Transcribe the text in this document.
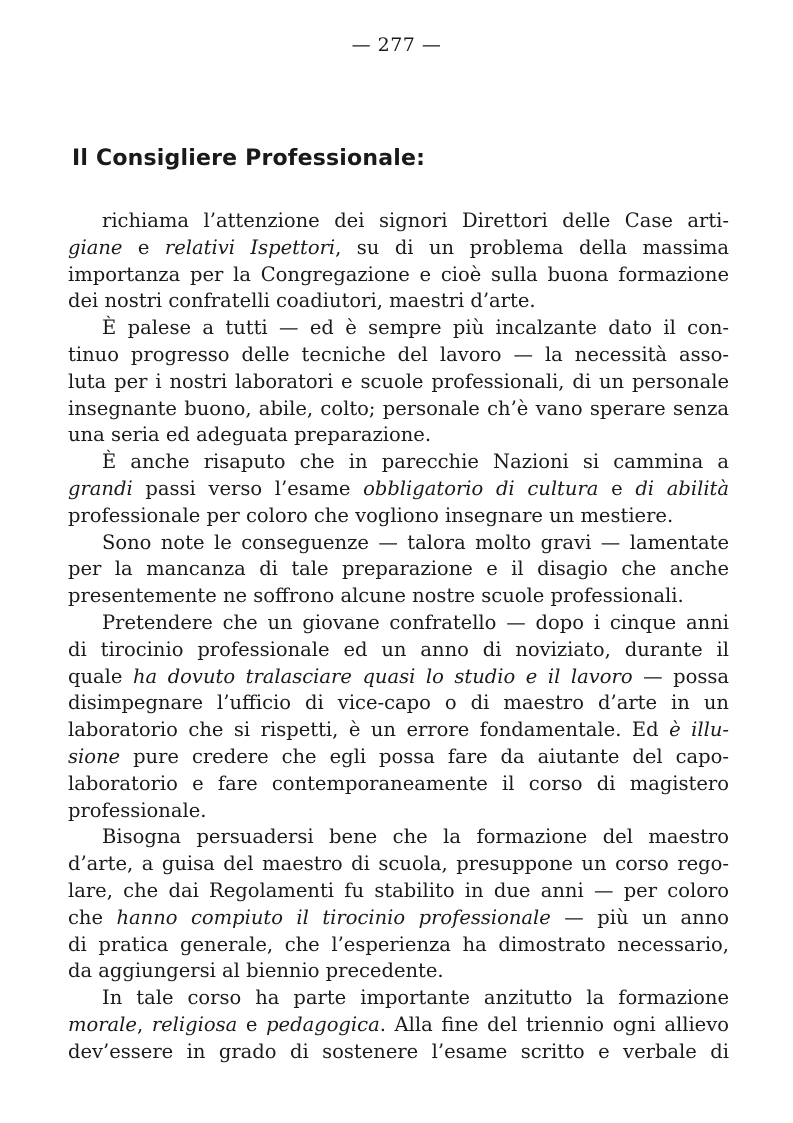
— 277 —
Il Consigliere Professionale:
richiama l’attenzione dei signori Direttori delle Case arti-
giane e relativi Ispettori, su di un problema della massima
importanza per la Congregazione e cioè sulla buona formazione
dei nostri confratelli coadiutori, maestri d’arte.
È palese a tutti — ed è sempre più incalzante dato il con-
tinuo progresso delle tecniche del lavoro — la necessità asso-
luta per i nostri laboratori e scuole professionali, di un personale
insegnante buono, abile, colto; personale ch’è vano sperare senza
una seria ed adeguata preparazione.
È anche risaputo che in parecchie Nazioni si cammina a
grandi passi verso l’esame obbligatorio di cultura e di abilità
professionale per coloro che vogliono insegnare un mestiere.
Sono note le conseguenze — talora molto gravi — lamentate
per la mancanza di tale preparazione e il disagio che anche
presentemente ne soffrono alcune nostre scuole professionali.
Pretendere che un giovane confratello — dopo i cinque anni
di tirocinio professionale ed un anno di noviziato, durante il
quale ha dovuto tralasciare quasi lo studio e il lavoro — possa
disimpegnare l’ufficio di vice-capo o di maestro d’arte in un
laboratorio che si rispetti, è un errore fondamentale. Ed è illu-
sione pure credere che egli possa fare da aiutante del capo-
laboratorio e fare contemporaneamente il corso di magistero
professionale.
Bisogna persuadersi bene che la formazione del maestro
d’arte, a guisa del maestro di scuola, presuppone un corso rego-
lare, che dai Regolamenti fu stabilito in due anni — per coloro
che hanno compiuto il tirocinio professionale — più un anno
di pratica generale, che l’esperienza ha dimostrato necessario,
da aggiungersi al biennio precedente.
In tale corso ha parte importante anzitutto la formazione
morale, religiosa e pedagogica. Alla fine del triennio ogni allievo
dev’essere in grado di sostenere l’esame scritto e verbale di
